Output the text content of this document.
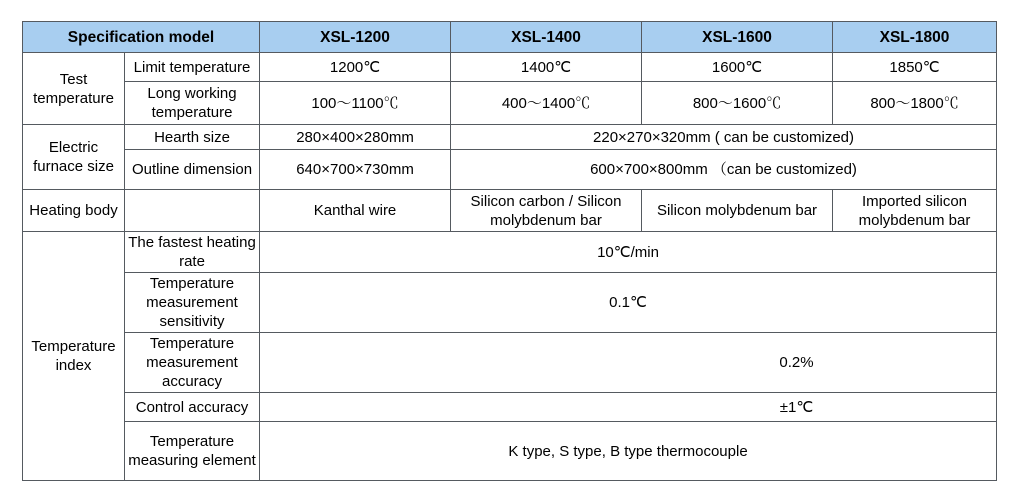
Specification model		XSL-1200	XSL-1400	XSL-1600	XSL-1800
Test temperature	Limit temperature	1200℃	1400℃	1600℃	1850℃
	Long working temperature	100～1100℃	400～1400℃	800～1600℃	800～1800℃
Electric furnace size	Hearth size	280×400×280mm	220×270×320mm ( can be customized)		
	Outline dimension	640×700×730mm	600×700×800mm （can be customized)		
Heating body		Kanthal wire	Silicon carbon / Silicon molybdenum bar	Silicon molybdenum bar	Imported silicon molybdenum bar
Temperature index	The fastest heating rate	10℃/min			
	Temperature measurement sensitivity	0.1℃			
	Temperature measurement accuracy	0.2%			
	Control accuracy	±1℃			
	Temperature measuring element	K type, S type, B type thermocouple			
